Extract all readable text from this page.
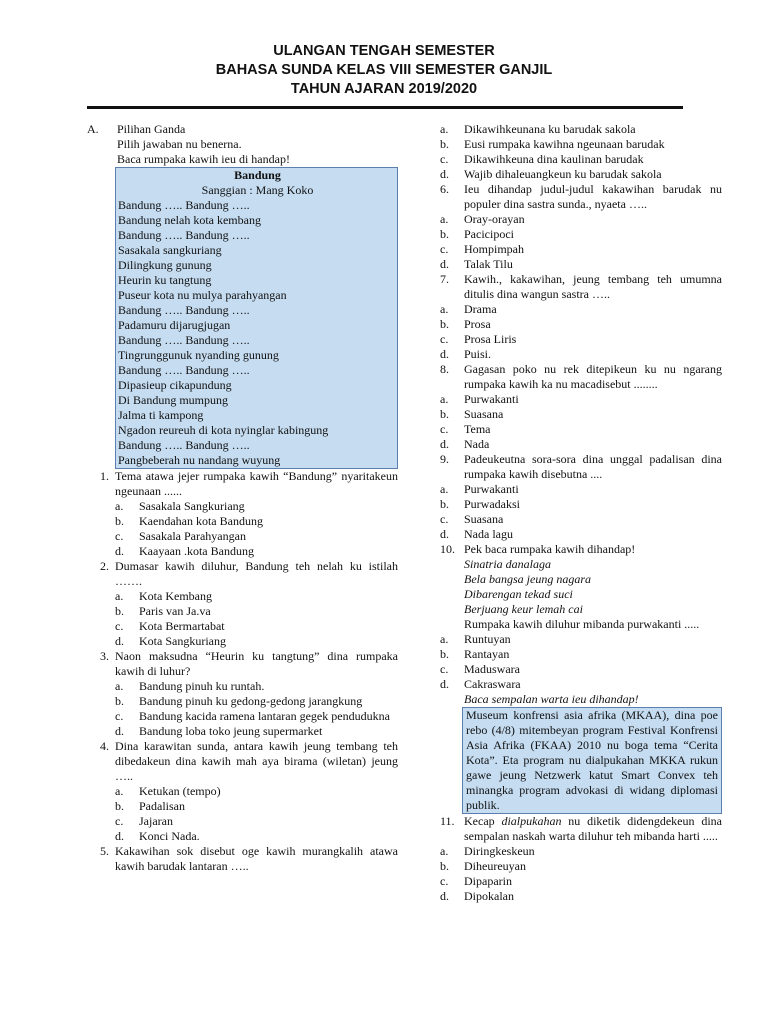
ULANGAN TENGAH SEMESTER
BAHASA SUNDA KELAS VIII SEMESTER GANJIL
TAHUN AJARAN 2019/2020
A.	Pilihan Ganda
Pilih jawaban nu benerna.
Baca rumpaka kawih ieu di handap!
Bandung
Sanggian : Mang Koko
Bandung ….. Bandung …..
Bandung nelah kota kembang
Bandung ….. Bandung …..
Sasakala sangkuriang
Dilingkung gunung
Heurin ku tangtung
Puseur kota nu mulya parahyangan
Bandung ….. Bandung …..
Padamuru dijarugjugan
Bandung ….. Bandung …..
Tingrunggunuk nyanding gunung
Bandung ….. Bandung …..
Dipasieup cikapundung
Di Bandung mumpung
Jalma ti kampong
Ngadon reureuh di kota nyinglar kabingung
Bandung ….. Bandung …..
Pangbeberah nu nandang wuyung
1. Tema atawa jejer rumpaka kawih “Bandung” nyaritakeun ngeunaan ......
a.	Sasakala Sangkuriang
b.	Kaendahan kota Bandung
c.	Sasakala Parahyangan
d.	Kaayaan .kota Bandung
2. Dumasar kawih diluhur, Bandung teh nelah ku istilah …….
a.	Kota Kembang
b.	Paris van Ja.va
c.	Kota Bermartabat
d.	Kota Sangkuriang
3. Naon maksudna “Heurin ku tangtung” dina rumpaka kawih di luhur?
a.	Bandung pinuh ku runtah.
b.	Bandung pinuh ku gedong-gedong jarangkung
c.	Bandung kacida ramena lantaran gegek pendudukna
d.	Bandung loba toko jeung supermarket
4. Dina karawitan sunda, antara kawih jeung tembang teh dibedakeun dina kawih mah aya birama (wiletan) jeung …..
a.	Ketukan (tempo)
b.	Padalisan
c.	Jajaran
d.	Konci Nada.
5. Kakawihan sok disebut oge kawih murangkalih atawa kawih barudak lantaran …..
a.	Dikawihkeunana ku barudak sakola
b.	Eusi rumpaka kawihna ngeunaan barudak
c.	Dikawihkeuna dina kaulinan barudak
d.	Wajib dihaleuangkeun ku barudak sakola
6.	Ieu dihandap judul-judul kakawihan barudak nu populer dina sastra sunda., nyaeta …..
a.	Oray-orayan
b.	Pacicipoci
c.	Hompimpah
d.	Talak Tilu
7.	Kawih., kakawihan, jeung tembang teh umumna ditulis dina wangun sastra …..
a.	Drama
b.	Prosa
c.	Prosa Liris
d.	Puisi.
8.	Gagasan poko nu rek ditepikeun ku nu ngarang rumpaka kawih ka nu macadisebut ........
a.	Purwakanti
b.	Suasana
c.	Tema
d.	Nada
9.	Padeukeutna sora-sora dina unggal padalisan dina rumpaka kawih disebutna ....
a.	Purwakanti
b.	Purwadaksi
c.	Suasana
d.	Nada lagu
10. Pek baca rumpaka kawih dihandap!
Sinatria danalaga
Bela bangsa jeung nagara
Dibarengan tekad suci
Berjuang keur lemah cai
Rumpaka kawih diluhur mibanda purwakanti .....
a.	Runtuyan
b.	Rantayan
c.	Maduswara
d.	Cakraswara
Baca sempalan warta ieu dihandap!
Museum konfrensi asia afrika (MKAA), dina poe rebo (4/8) mitembeyan program Festival Konfrensi Asia Afrika (FKAA) 2010 nu boga tema “Cerita Kota”. Eta program nu dialpukahan MKKA rukun gawe jeung Netzwerk katut Smart Convex teh minangka program advokasi di widang diplomasi publik.
11. Kecap dialpukahan nu diketik didengdekeun dina sempalan naskah warta diluhur teh mibanda harti .....
a.	Diringkeskeun
b.	Diheureuyan
c.	Dipaparin
d.	Dipokalan
